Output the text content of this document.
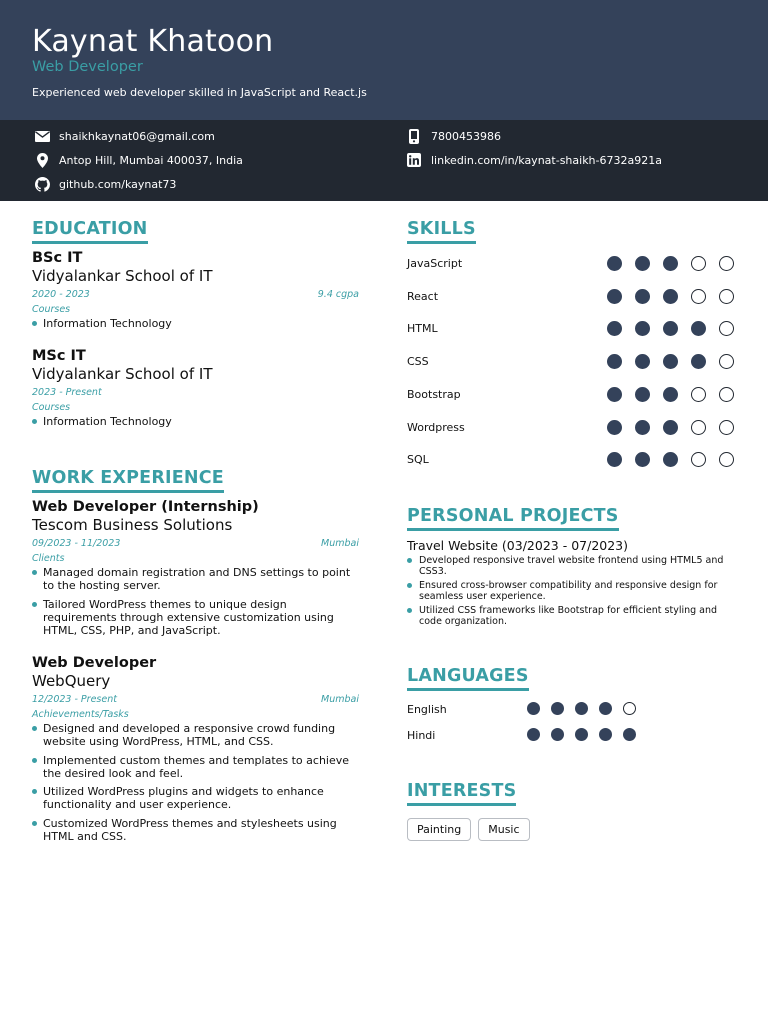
Kaynat Khatoon
Web Developer
Experienced web developer skilled in JavaScript and React.js
shaikhkaynat06@gmail.com	7800453986
Antop Hill, Mumbai 400037, India	linkedin.com/in/kaynat-shaikh-6732a921a
github.com/kaynat73
EDUCATION
BSc IT
Vidyalankar School of IT
2020 - 2023	9.4 cgpa
Courses
Information Technology
MSc IT
Vidyalankar School of IT
2023 - Present
Courses
Information Technology
WORK EXPERIENCE
Web Developer (Internship)
Tescom Business Solutions
09/2023 - 11/2023	Mumbai
Clients
Managed domain registration and DNS settings to point to the hosting server.
Tailored WordPress themes to unique design requirements through extensive customization using HTML, CSS, PHP, and JavaScript.
Web Developer
WebQuery
12/2023 - Present	Mumbai
Achievements/Tasks
Designed and developed a responsive crowd funding website using WordPress, HTML, and CSS.
Implemented custom themes and templates to achieve the desired look and feel.
Utilized WordPress plugins and widgets to enhance functionality and user experience.
Customized WordPress themes and stylesheets using HTML and CSS.
SKILLS
JavaScript
React
HTML
CSS
Bootstrap
Wordpress
SQL
PERSONAL PROJECTS
Travel Website (03/2023 - 07/2023)
Developed responsive travel website frontend using HTML5 and CSS3.
Ensured cross-browser compatibility and responsive design for seamless user experience.
Utilized CSS frameworks like Bootstrap for efficient styling and code organization.
LANGUAGES
English
Hindi
INTERESTS
Painting	Music
